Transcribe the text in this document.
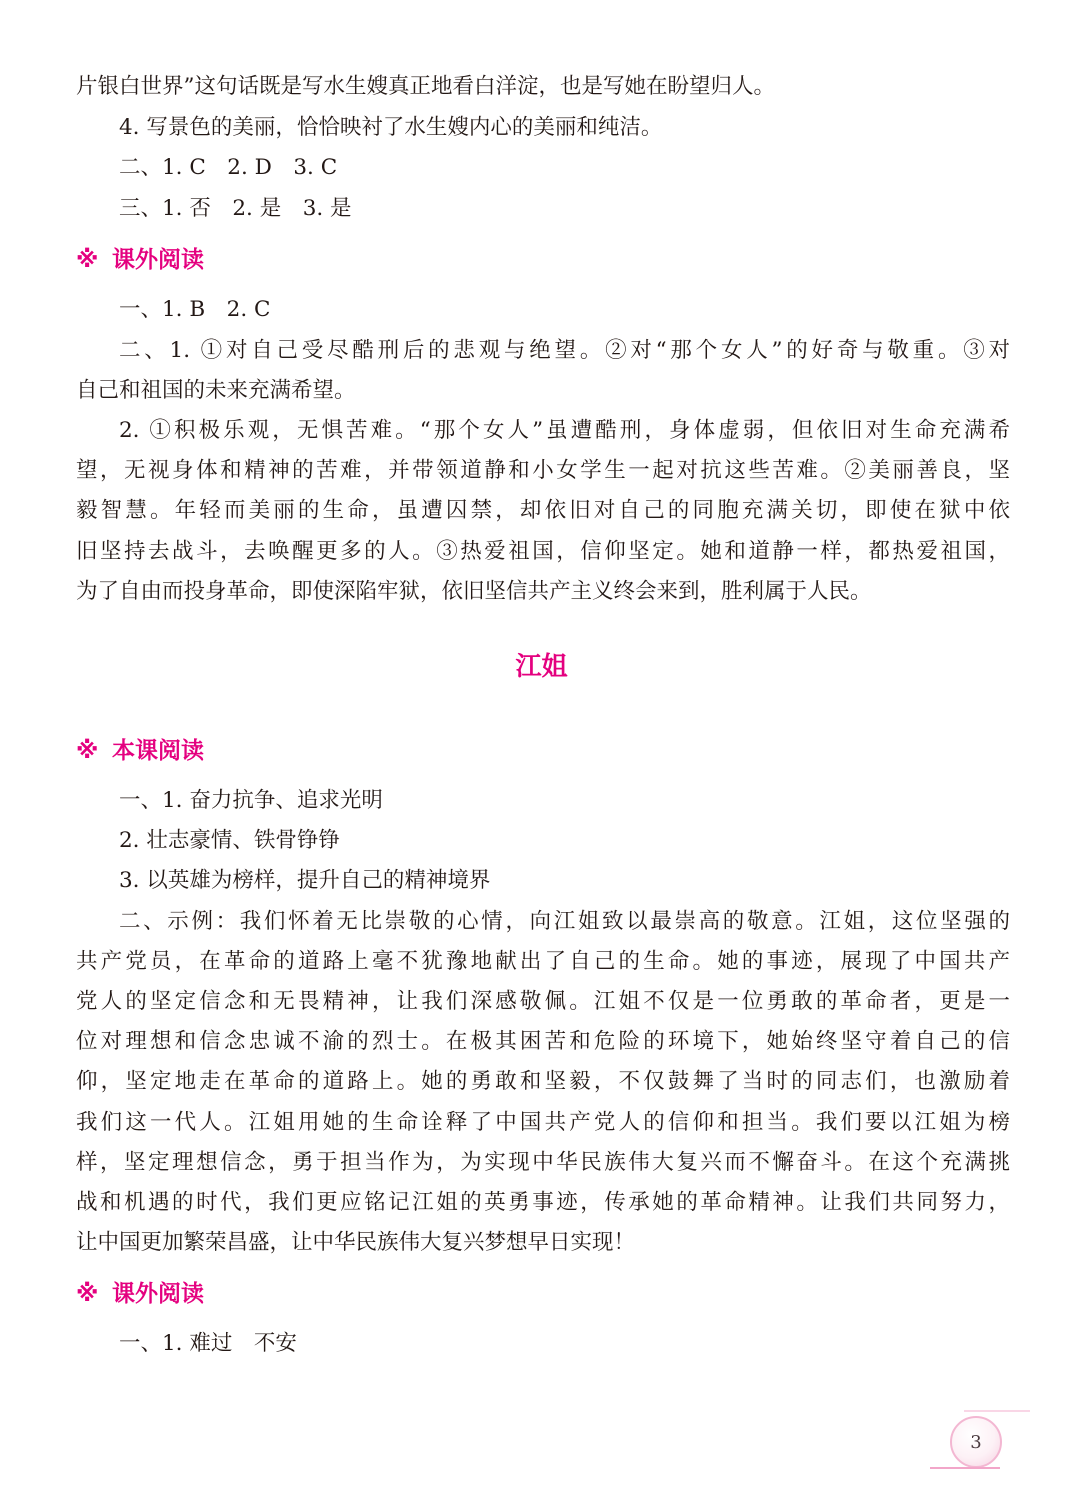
片银白世界”这句话既是写水生嫂真正地看白洋淀，也是写她在盼望归人。
4. 写景色的美丽，恰恰映衬了水生嫂内心的美丽和纯洁。
二、1. C　2. D　3. C
三、1. 否　2. 是　3. 是
※ 课外阅读
一、1. B　2. C
二、1. ①对自己受尽酷刑后的悲观与绝望。②对“那个女人”的好奇与敬重。③对
自己和祖国的未来充满希望。
2. ①积极乐观，无惧苦难。“那个女人”虽遭酷刑，身体虚弱，但依旧对生命充满希
望，无视身体和精神的苦难，并带领道静和小女学生一起对抗这些苦难。②美丽善良，坚
毅智慧。年轻而美丽的生命，虽遭囚禁，却依旧对自己的同胞充满关切，即使在狱中依
旧坚持去战斗，去唤醒更多的人。③热爱祖国，信仰坚定。她和道静一样，都热爱祖国，
为了自由而投身革命，即使深陷牢狱，依旧坚信共产主义终会来到，胜利属于人民。
江姐
※ 本课阅读
一、1. 奋力抗争、追求光明
2. 壮志豪情、铁骨铮铮
3. 以英雄为榜样，提升自己的精神境界
二、示例：我们怀着无比崇敬的心情，向江姐致以最崇高的敬意。江姐，这位坚强的
共产党员，在革命的道路上毫不犹豫地献出了自己的生命。她的事迹，展现了中国共产
党人的坚定信念和无畏精神，让我们深感敬佩。江姐不仅是一位勇敢的革命者，更是一
位对理想和信念忠诚不渝的烈士。在极其困苦和危险的环境下，她始终坚守着自己的信
仰，坚定地走在革命的道路上。她的勇敢和坚毅，不仅鼓舞了当时的同志们，也激励着
我们这一代人。江姐用她的生命诠释了中国共产党人的信仰和担当。我们要以江姐为榜
样，坚定理想信念，勇于担当作为，为实现中华民族伟大复兴而不懈奋斗。在这个充满挑
战和机遇的时代，我们更应铭记江姐的英勇事迹，传承她的革命精神。让我们共同努力，
让中国更加繁荣昌盛，让中华民族伟大复兴梦想早日实现！
※ 课外阅读
一、1. 难过　不安
3
